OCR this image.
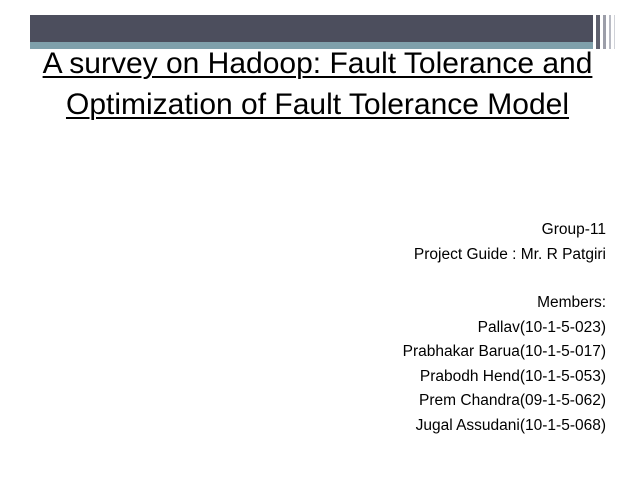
A survey on Hadoop: Fault Tolerance and Optimization of Fault Tolerance Model
Group-11
Project Guide : Mr. R Patgiri
Members:
Pallav(10-1-5-023)
Prabhakar Barua(10-1-5-017)
Prabodh Hend(10-1-5-053)
Prem Chandra(09-1-5-062)
Jugal Assudani(10-1-5-068)
